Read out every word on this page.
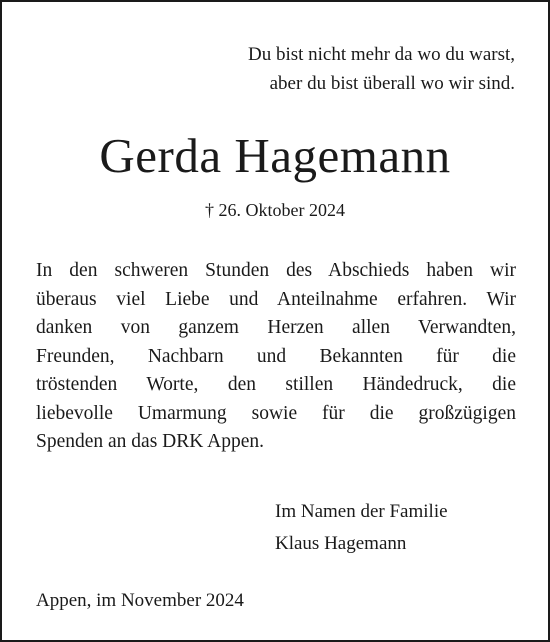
Du bist nicht mehr da wo du warst,
aber du bist überall wo wir sind.
Gerda Hagemann
† 26. Oktober 2024
In den schweren Stunden des Abschieds haben wir
überaus viel Liebe und Anteilnahme erfahren. Wir
danken von ganzem Herzen allen Verwandten,
Freunden, Nachbarn und Bekannten für die
tröstenden Worte, den stillen Händedruck, die
liebevolle Umarmung sowie für die großzügigen
Spenden an das DRK Appen.
Im Namen der Familie
Klaus Hagemann
Appen, im November 2024
